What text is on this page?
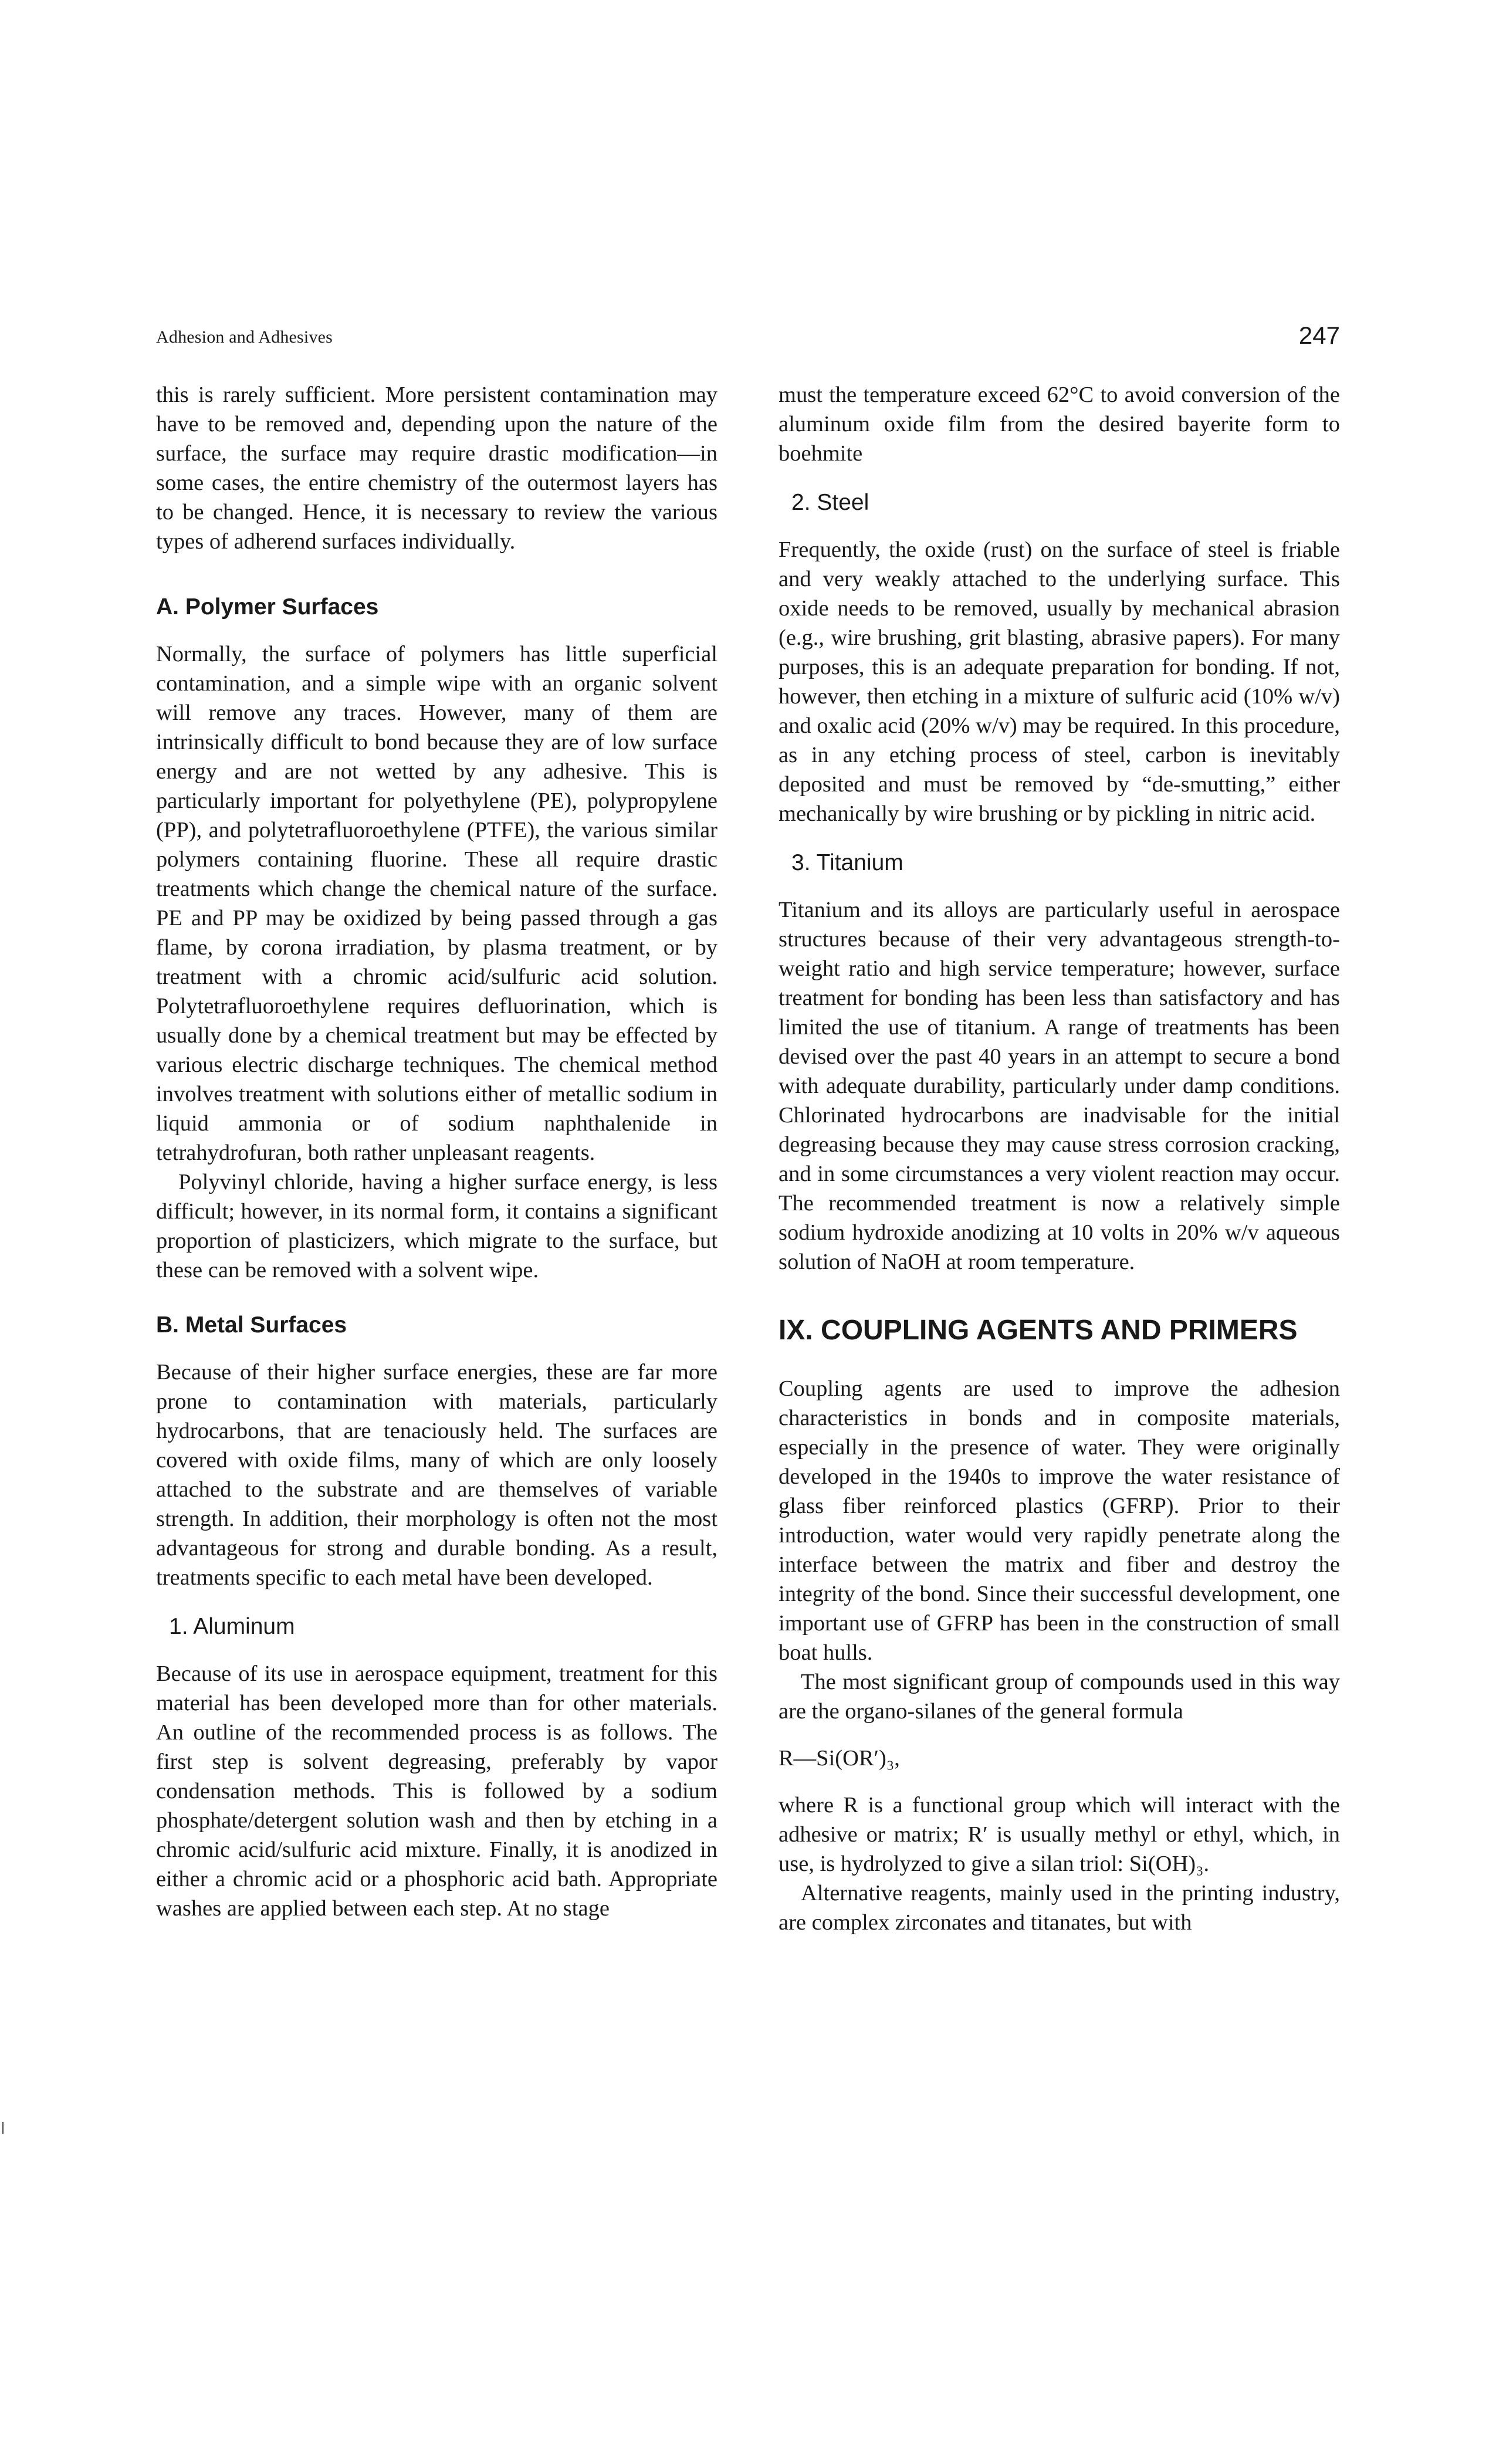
Adhesion and Adhesives	247

this is rarely sufficient. More persistent contamination may have to be removed and, depending upon the nature of the surface, the surface may require drastic modification—in some cases, the entire chemistry of the outermost layers has to be changed. Hence, it is necessary to review the various types of adherend surfaces individually.

A. Polymer Surfaces

Normally, the surface of polymers has little superficial contamination, and a simple wipe with an organic solvent will remove any traces. However, many of them are intrinsically difficult to bond because they are of low surface energy and are not wetted by any adhesive. This is particularly important for polyethylene (PE), polypropylene (PP), and polytetrafluoroethylene (PTFE), the various similar polymers containing fluorine. These all require drastic treatments which change the chemical nature of the surface. PE and PP may be oxidized by being passed through a gas flame, by corona irradiation, by plasma treatment, or by treatment with a chromic acid/sulfuric acid solution. Polytetrafluoroethylene requires defluorination, which is usually done by a chemical treatment but may be effected by various electric discharge techniques. The chemical method involves treatment with solutions either of metallic sodium in liquid ammonia or of sodium naphthalenide in tetrahydrofuran, both rather unpleasant reagents.

Polyvinyl chloride, having a higher surface energy, is less difficult; however, in its normal form, it contains a significant proportion of plasticizers, which migrate to the surface, but these can be removed with a solvent wipe.

B. Metal Surfaces

Because of their higher surface energies, these are far more prone to contamination with materials, particularly hydrocarbons, that are tenaciously held. The surfaces are covered with oxide films, many of which are only loosely attached to the substrate and are themselves of variable strength. In addition, their morphology is often not the most advantageous for strong and durable bonding. As a result, treatments specific to each metal have been developed.

1. Aluminum

Because of its use in aerospace equipment, treatment for this material has been developed more than for other materials. An outline of the recommended process is as follows. The first step is solvent degreasing, preferably by vapor condensation methods. This is followed by a sodium phosphate/detergent solution wash and then by etching in a chromic acid/sulfuric acid mixture. Finally, it is anodized in either a chromic acid or a phosphoric acid bath. Appropriate washes are applied between each step. At no stage

must the temperature exceed 62°C to avoid conversion of the aluminum oxide film from the desired bayerite form to boehmite

2. Steel

Frequently, the oxide (rust) on the surface of steel is friable and very weakly attached to the underlying surface. This oxide needs to be removed, usually by mechanical abrasion (e.g., wire brushing, grit blasting, abrasive papers). For many purposes, this is an adequate preparation for bonding. If not, however, then etching in a mixture of sulfuric acid (10% w/v) and oxalic acid (20% w/v) may be required. In this procedure, as in any etching process of steel, carbon is inevitably deposited and must be removed by “de-smutting,” either mechanically by wire brushing or by pickling in nitric acid.

3. Titanium

Titanium and its alloys are particularly useful in aerospace structures because of their very advantageous strength-to-weight ratio and high service temperature; however, surface treatment for bonding has been less than satisfactory and has limited the use of titanium. A range of treatments has been devised over the past 40 years in an attempt to secure a bond with adequate durability, particularly under damp conditions. Chlorinated hydrocarbons are inadvisable for the initial degreasing because they may cause stress corrosion cracking, and in some circumstances a very violent reaction may occur. The recommended treatment is now a relatively simple sodium hydroxide anodizing at 10 volts in 20% w/v aqueous solution of NaOH at room temperature.

IX. COUPLING AGENTS AND PRIMERS

Coupling agents are used to improve the adhesion characteristics in bonds and in composite materials, especially in the presence of water. They were originally developed in the 1940s to improve the water resistance of glass fiber reinforced plastics (GFRP). Prior to their introduction, water would very rapidly penetrate along the interface between the matrix and fiber and destroy the integrity of the bond. Since their successful development, one important use of GFRP has been in the construction of small boat hulls.

The most significant group of compounds used in this way are the organo-silanes of the general formula

R—Si(OR′)₃,

where R is a functional group which will interact with the adhesive or matrix; R′ is usually methyl or ethyl, which, in use, is hydrolyzed to give a silan triol: Si(OH)₃.

Alternative reagents, mainly used in the printing industry, are complex zirconates and titanates, but with
